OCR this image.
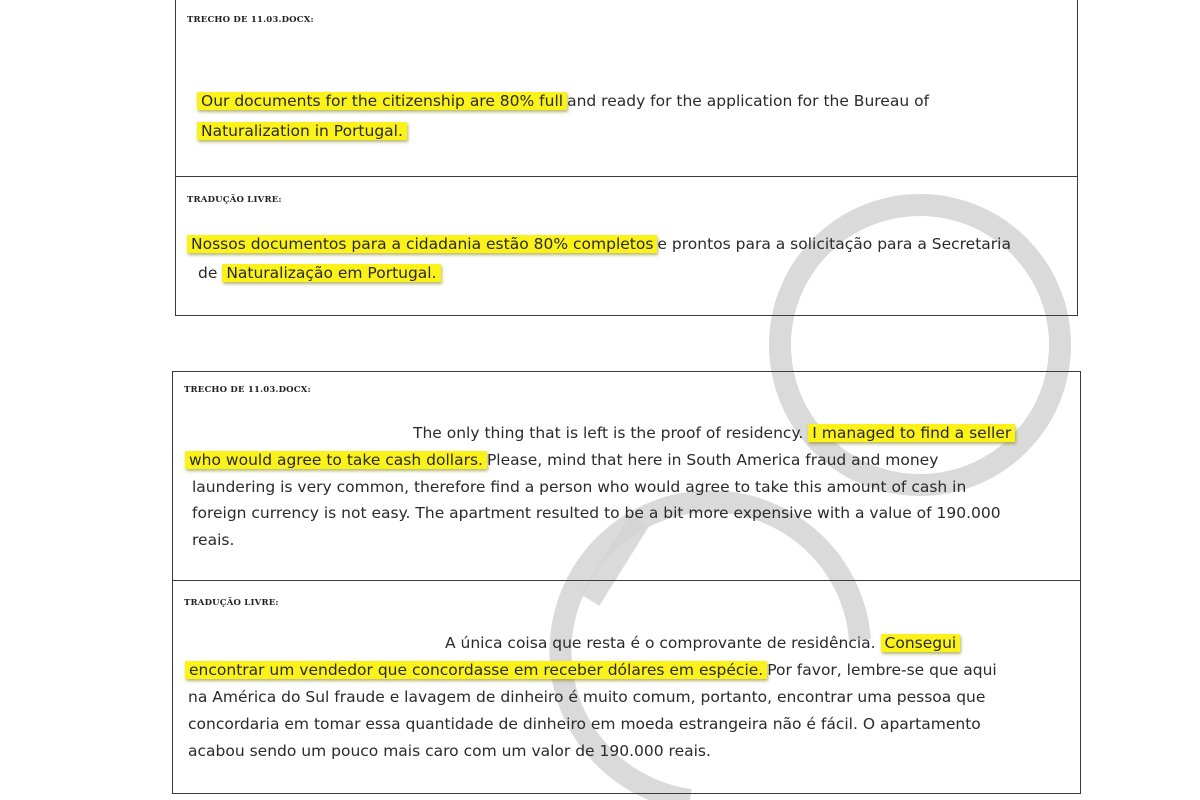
TRECHO DE 11.03.DOCX:
Our documents for the citizenship are 80% full and ready for the application for the Bureau of
Naturalization in Portugal.
TRADUÇÃO LIVRE:
Nossos documentos para a cidadania estão 80% completos e prontos para a solicitação para a Secretaria
de Naturalização em Portugal.
TRECHO DE 11.03.DOCX:
The only thing that is left is the proof of residency. I managed to find a seller
who would agree to take cash dollars. Please, mind that here in South America fraud and money
laundering is very common, therefore find a person who would agree to take this amount of cash in
foreign currency is not easy. The apartment resulted to be a bit more expensive with a value of 190.000
reais.
TRADUÇÃO LIVRE:
A única coisa que resta é o comprovante de residência. Consegui
encontrar um vendedor que concordasse em receber dólares em espécie. Por favor, lembre-se que aqui
na América do Sul fraude e lavagem de dinheiro é muito comum, portanto, encontrar uma pessoa que
concordaria em tomar essa quantidade de dinheiro em moeda estrangeira não é fácil. O apartamento
acabou sendo um pouco mais caro com um valor de 190.000 reais.
